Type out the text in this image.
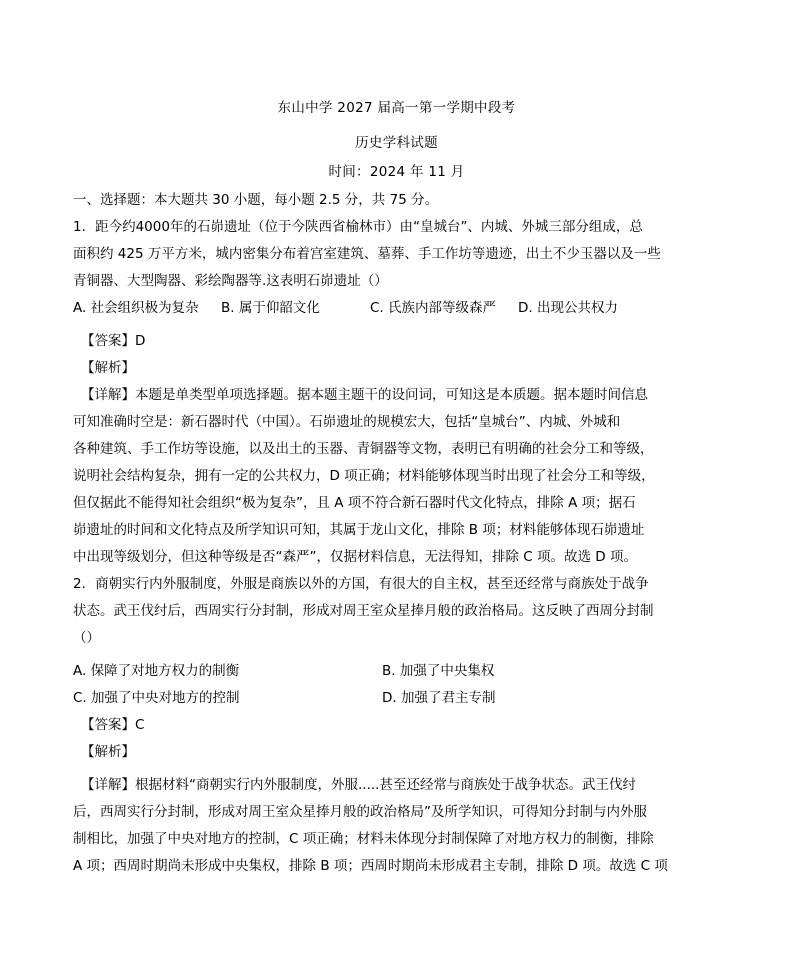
东山中学 2027 届高一第一学期中段考
历史学科试题
时间：2024 年 11 月
一、选择题：本大题共 30 小题，每小题 2.5 分，共 75 分。
1．距今约4000年的石峁遗址（位于今陕西省榆林市）由“皇城台”、内城、外城三部分组成，总
面积约 425 万平方米，城内密集分布着宫室建筑、墓葬、手工作坊等遗迹，出土不少玉器以及一些
青铜器、大型陶器、彩绘陶器等.这表明石峁遗址（）
A. 社会组织极为复杂	B. 属于仰韶文化	C. 氏族内部等级森严	D. 出现公共权力
【答案】D
【解析】
【详解】本题是单类型单项选择题。据本题主题干的设问词，可知这是本质题。据本题时间信息
可知准确时空是：新石器时代（中国）。石峁遗址的规模宏大，包括“皇城台”、内城、外城和
各种建筑、手工作坊等设施，以及出土的玉器、青铜器等文物，表明已有明确的社会分工和等级，
说明社会结构复杂，拥有一定的公共权力，D 项正确；材料能够体现当时出现了社会分工和等级，
但仅据此不能得知社会组织“极为复杂”，且 A 项不符合新石器时代文化特点，排除 A 项；据石
峁遗址的时间和文化特点及所学知识可知，其属于龙山文化，排除 B 项；材料能够体现石峁遗址
中出现等级划分，但这种等级是否“森严”，仅据材料信息，无法得知，排除 C 项。故选 D 项。
2．商朝实行内外服制度，外服是商族以外的方国，有很大的自主权，甚至还经常与商族处于战争
状态。武王伐纣后，西周实行分封制，形成对周王室众星捧月般的政治格局。这反映了西周分封制
（）
A. 保障了对地方权力的制衡	B. 加强了中央集权
C. 加强了中央对地方的控制	D. 加强了君主专制
【答案】C
【解析】
【详解】根据材料“商朝实行内外服制度，外服.....甚至还经常与商族处于战争状态。武王伐纣
后，西周实行分封制，形成对周王室众星捧月般的政治格局”及所学知识，可得知分封制与内外服
制相比，加强了中央对地方的控制，C 项正确；材料未体现分封制保障了对地方权力的制衡，排除
A 项；西周时期尚未形成中央集权，排除 B 项；西周时期尚未形成君主专制，排除 D 项。故选 C 项
